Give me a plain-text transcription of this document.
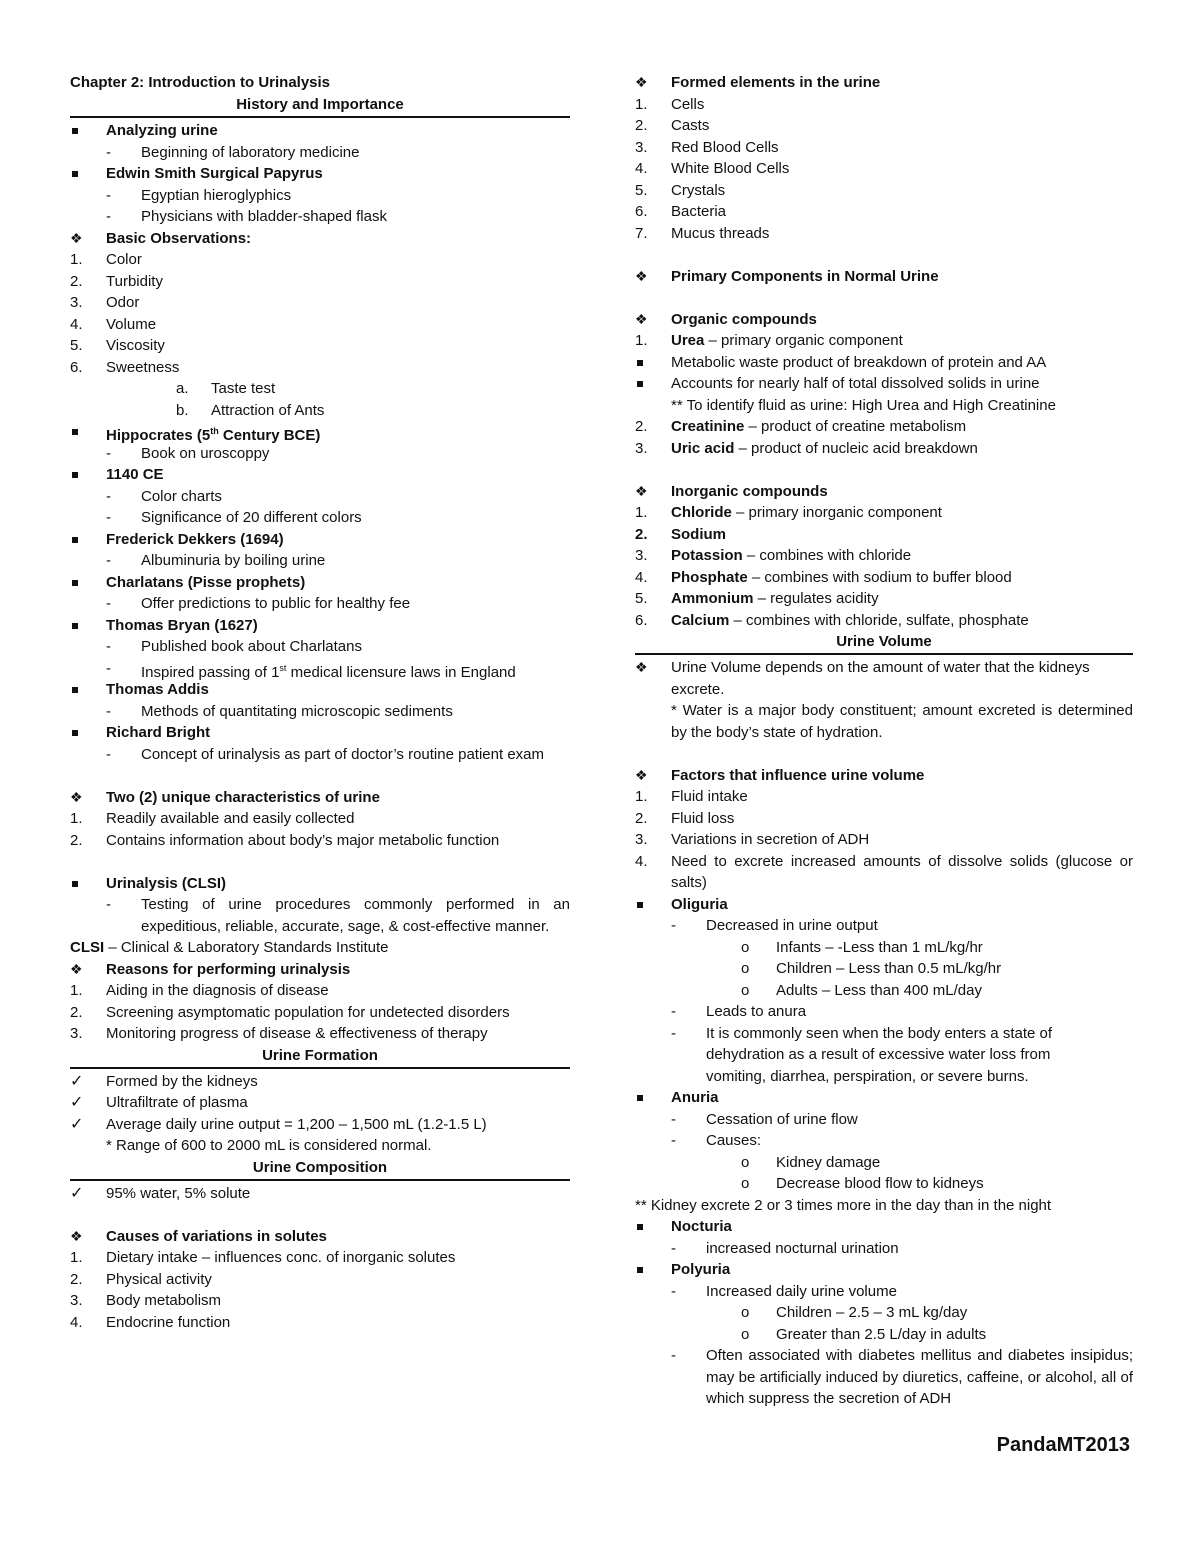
Chapter 2: Introduction to Urinalysis
History and Importance
Analyzing urine
-	Beginning of laboratory medicine
Edwin Smith Surgical Papyrus
-	Egyptian hieroglyphics
-	Physicians with bladder-shaped flask
❖	Basic Observations:
1.	Color
2.	Turbidity
3.	Odor
4.	Volume
5.	Viscosity
6.	Sweetness
a.	Taste test
b.	Attraction of Ants
Hippocrates (5th Century BCE)
-	Book on uroscoppy
1140 CE
-	Color charts
-	Significance of 20 different colors
Frederick Dekkers (1694)
-	Albuminuria by boiling urine
Charlatans (Pisse prophets)
-	Offer predictions to public for healthy fee
Thomas Bryan (1627)
-	Published book about Charlatans
-	Inspired passing of 1st medical licensure laws in England
Thomas Addis
-	Methods of quantitating microscopic sediments
Richard Bright
-	Concept of urinalysis as part of doctor’s routine patient exam
❖	Two (2) unique characteristics of urine
1.	Readily available and easily collected
2.	Contains information about body’s major metabolic function
Urinalysis (CLSI)
-	Testing of urine procedures commonly performed in an expeditious, reliable, accurate, sage, & cost-effective manner.
CLSI – Clinical & Laboratory Standards Institute
❖	Reasons for performing urinalysis
1.	Aiding in the diagnosis of disease
2.	Screening asymptomatic population for undetected disorders
3.	Monitoring progress of disease & effectiveness of therapy
Urine Formation
✓	Formed by the kidneys
✓	Ultrafiltrate of plasma
✓	Average daily urine output = 1,200 – 1,500 mL (1.2-1.5 L)
* Range of 600 to 2000 mL is considered normal.
Urine Composition
✓	95% water, 5% solute
❖	Causes of variations in solutes
1.	Dietary intake – influences conc. of inorganic solutes
2.	Physical activity
3.	Body metabolism
4.	Endocrine function
❖	Formed elements in the urine
1.	Cells
2.	Casts
3.	Red Blood Cells
4.	White Blood Cells
5.	Crystals
6.	Bacteria
7.	Mucus threads
❖	Primary Components in Normal Urine
❖	Organic compounds
1.	Urea – primary organic component
Metabolic waste product of breakdown of protein and AA
Accounts for nearly half of total dissolved solids in urine
** To identify fluid as urine: High Urea and High Creatinine
2.	Creatinine – product of creatine metabolism
3.	Uric acid – product of nucleic acid breakdown
❖	Inorganic compounds
1.	Chloride – primary inorganic component
2.	Sodium
3.	Potassion – combines with chloride
4.	Phosphate – combines with sodium to buffer blood
5.	Ammonium – regulates acidity
6.	Calcium – combines with chloride, sulfate, phosphate
Urine Volume
❖	Urine Volume depends on the amount of water that the kidneys excrete.
* Water is a major body constituent; amount excreted is determined by the body’s state of hydration.
❖	Factors that influence urine volume
1.	Fluid intake
2.	Fluid loss
3.	Variations in secretion of ADH
4.	Need to excrete increased amounts of dissolve solids (glucose or salts)
Oliguria
-	Decreased in urine output
o	Infants – -Less than 1 mL/kg/hr
o	Children – Less than 0.5 mL/kg/hr
o	Adults – Less than 400 mL/day
-	Leads to anura
-	It is commonly seen when the body enters a state of dehydration as a result of excessive water loss from vomiting, diarrhea, perspiration, or severe burns.
Anuria
-	Cessation of urine flow
-	Causes:
o	Kidney damage
o	Decrease blood flow to kidneys
** Kidney excrete 2 or 3 times more in the day than in the night
Nocturia
-	increased nocturnal urination
Polyuria
-	Increased daily urine volume
o	Children – 2.5 – 3 mL kg/day
o	Greater than 2.5 L/day in adults
-	Often associated with diabetes mellitus and diabetes insipidus; may be artificially induced by diuretics, caffeine, or alcohol, all of which suppress the secretion of ADH
PandaMT2013
